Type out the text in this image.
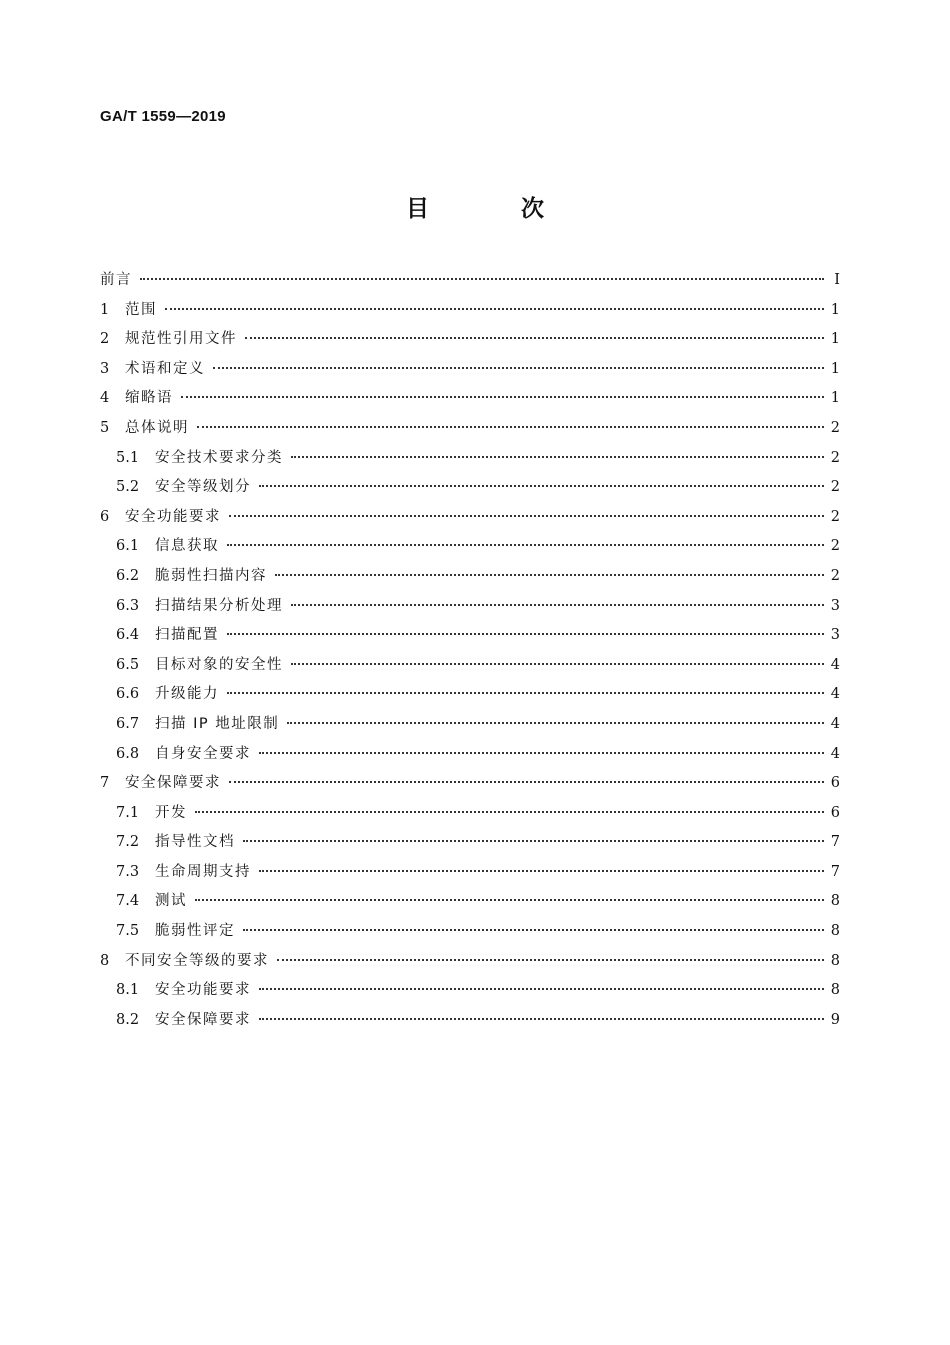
GA/T 1559—2019
目 次
前言	Ⅰ
1	范围	1
2	规范性引用文件	1
3	术语和定义	1
4	缩略语	1
5	总体说明	2
5.1	安全技术要求分类	2
5.2	安全等级划分	2
6	安全功能要求	2
6.1	信息获取	2
6.2	脆弱性扫描内容	2
6.3	扫描结果分析处理	3
6.4	扫描配置	3
6.5	目标对象的安全性	4
6.6	升级能力	4
6.7	扫描 IP 地址限制	4
6.8	自身安全要求	4
7	安全保障要求	6
7.1	开发	6
7.2	指导性文档	7
7.3	生命周期支持	7
7.4	测试	8
7.5	脆弱性评定	8
8	不同安全等级的要求	8
8.1	安全功能要求	8
8.2	安全保障要求	9
